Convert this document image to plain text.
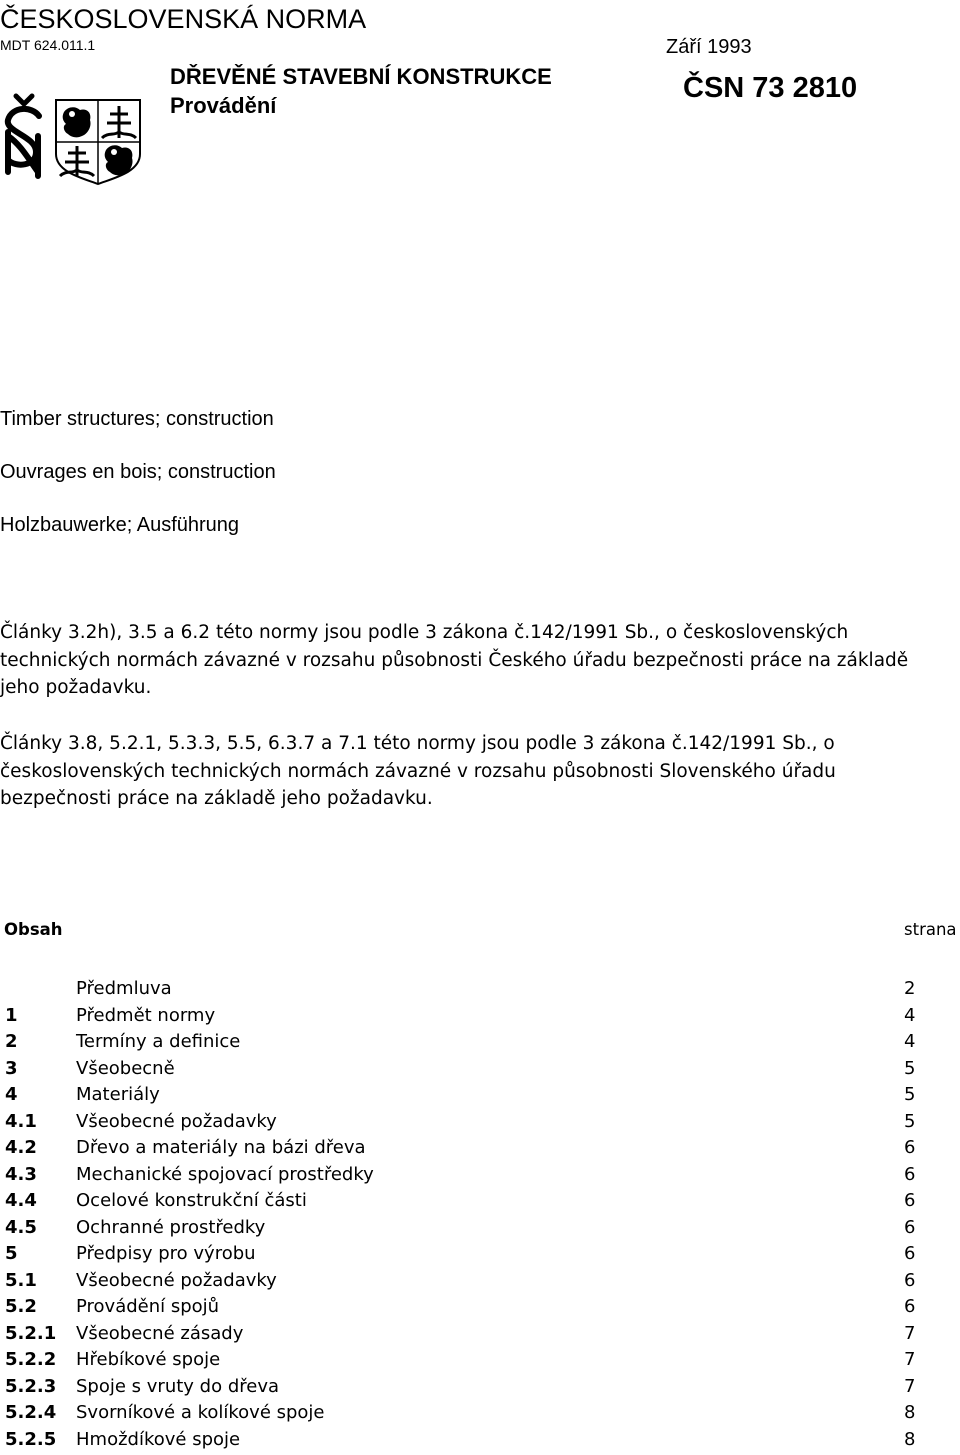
ČESKOSLOVENSKÁ NORMA
MDT 624.011.1	Září 1993
DŘEVĚNÉ STAVEBNÍ KONSTRUKCE
Provádění
ČSN 73 2810
Timber structures; construction
Ouvrages en bois; construction
Holzbauwerke; Ausführung
Články 3.2h), 3.5 a 6.2 této normy jsou podle 3 zákona č.142/1991 Sb., o československých technických normách závazné v rozsahu působnosti Českého úřadu bezpečnosti práce na základě jeho požadavku.
Články 3.8, 5.2.1, 5.3.3, 5.5, 6.3.7 a 7.1 této normy jsou podle 3 zákona č.142/1991 Sb., o československých technických normách závazné v rozsahu působnosti Slovenského úřadu bezpečnosti práce na základě jeho požadavku.
Obsah	strana
Předmluva	2
1	Předmět normy	4
2	Termíny a definice	4
3	Všeobecně	5
4	Materiály	5
4.1 Všeobecné požadavky	5
4.2 Dřevo a materiály na bázi dřeva	6
4.3 Mechanické spojovací prostředky	6
4.4 Ocelové konstrukční části	6
4.5 Ochranné prostředky	6
5	Předpisy pro výrobu	6
5.1 Všeobecné požadavky	6
5.2 Provádění spojů	6
5.2.1 Všeobecné zásady	7
5.2.2 Hřebíkové spoje	7
5.2.3 Spoje s vruty do dřeva	7
5.2.4 Svorníkové a kolíkové spoje	8
5.2.5 Hmoždíkové spoje	8
